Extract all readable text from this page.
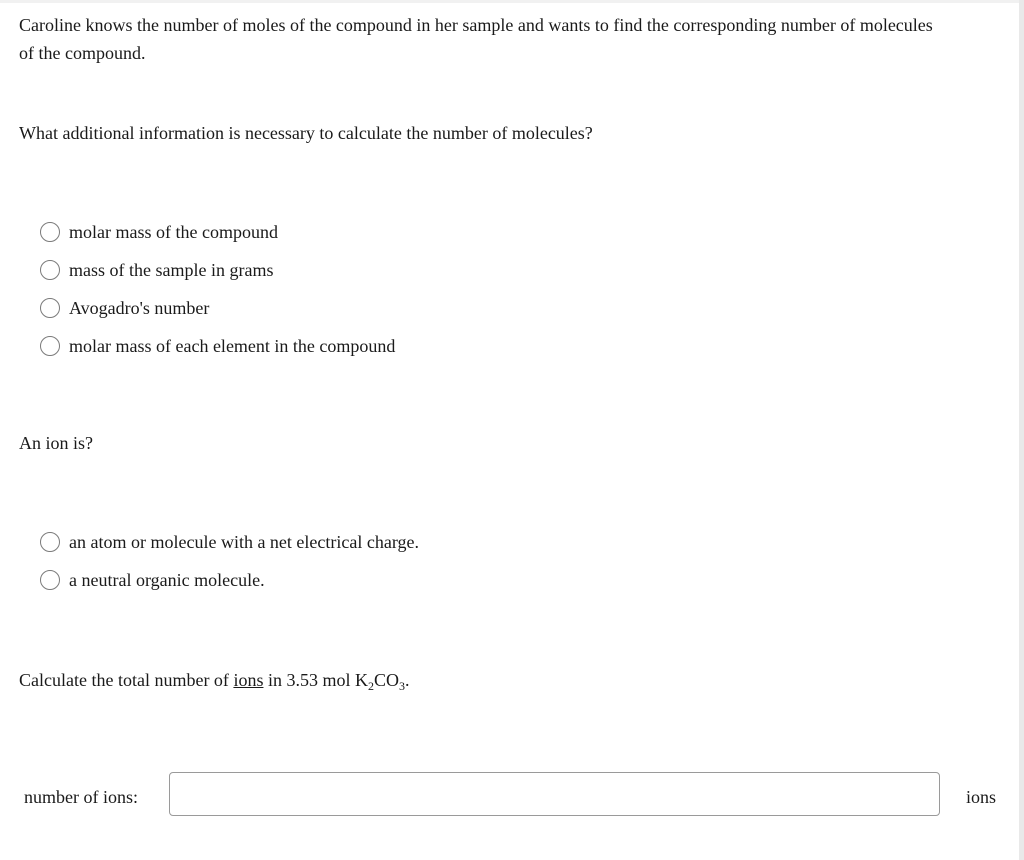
Caroline knows the number of moles of the compound in her sample and wants to find the corresponding number of molecules
of the compound.
What additional information is necessary to calculate the number of molecules?
molar mass of the compound
mass of the sample in grams
Avogadro's number
molar mass of each element in the compound
An ion is?
an atom or molecule with a net electrical charge.
a neutral organic molecule.
Calculate the total number of ions in 3.53 mol $K_2CO_3$.
number of ions:	ions
